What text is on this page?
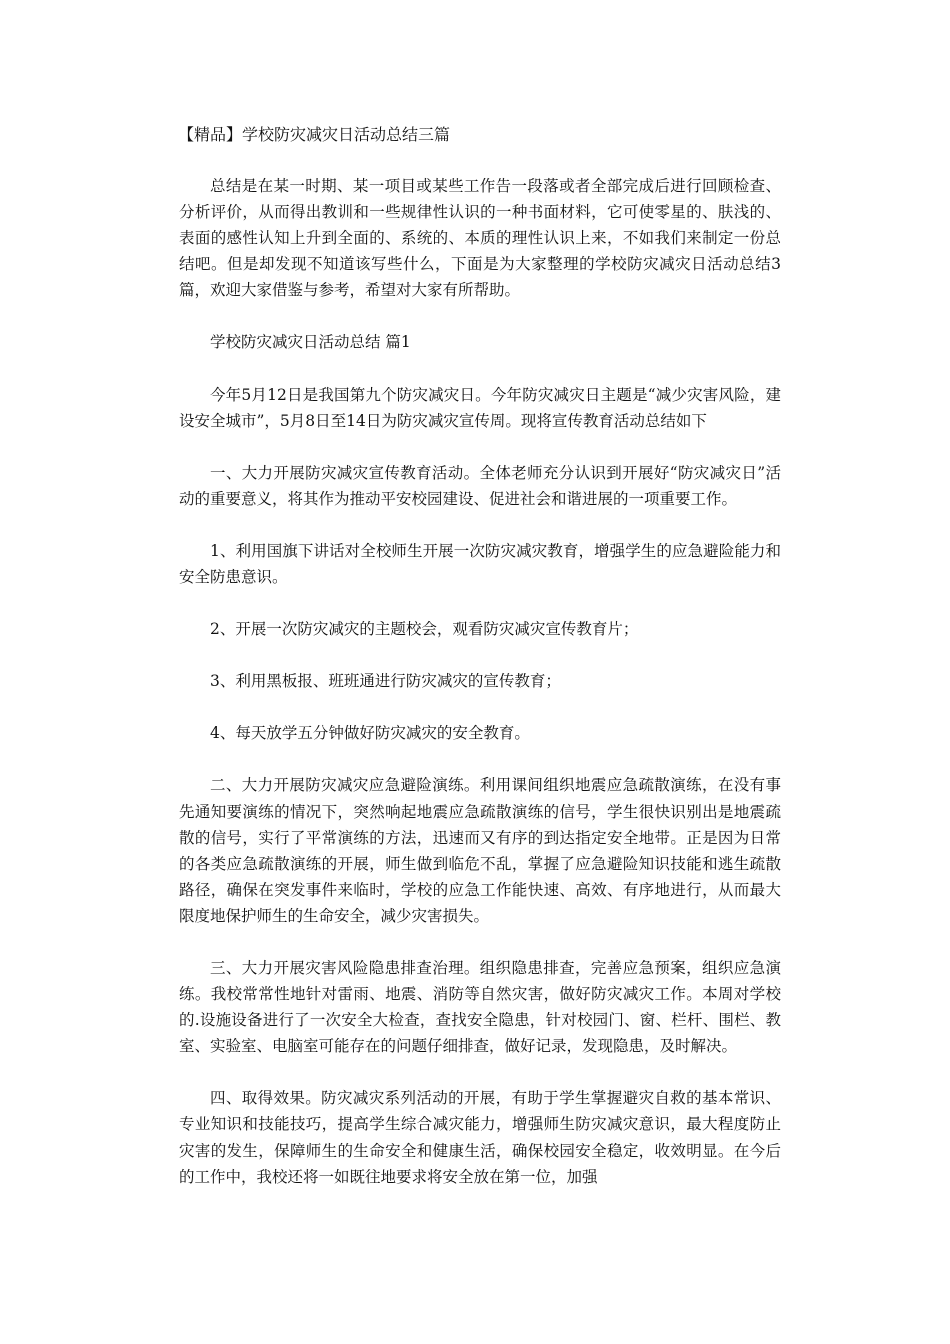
【精品】学校防灾减灾日活动总结三篇

总结是在某一时期、某一项目或某些工作告一段落或者全部完成后进行回顾检查、分析评价，从而得出教训和一些规律性认识的一种书面材料，它可使零星的、肤浅的、表面的感性认知上升到全面的、系统的、本质的理性认识上来，不如我们来制定一份总结吧。但是却发现不知道该写些什么，下面是为大家整理的学校防灾减灾日活动总结3篇，欢迎大家借鉴与参考，希望对大家有所帮助。

学校防灾减灾日活动总结 篇1

今年5月12日是我国第九个防灾减灾日。今年防灾减灾日主题是“减少灾害风险，建设安全城市”，5月8日至14日为防灾减灾宣传周。现将宣传教育活动总结如下

一、大力开展防灾减灾宣传教育活动。全体老师充分认识到开展好“防灾减灾日”活动的重要意义，将其作为推动平安校园建设、促进社会和谐进展的一项重要工作。

1、利用国旗下讲话对全校师生开展一次防灾减灾教育，增强学生的应急避险能力和安全防患意识。

2、开展一次防灾减灾的主题校会，观看防灾减灾宣传教育片；

3、利用黑板报、班班通进行防灾减灾的宣传教育；

4、每天放学五分钟做好防灾减灾的安全教育。

二、大力开展防灾减灾应急避险演练。利用课间组织地震应急疏散演练，在没有事先通知要演练的情况下，突然响起地震应急疏散演练的信号，学生很快识别出是地震疏散的信号，实行了平常演练的方法，迅速而又有序的到达指定安全地带。正是因为日常的各类应急疏散演练的开展，师生做到临危不乱，掌握了应急避险知识技能和逃生疏散路径，确保在突发事件来临时，学校的应急工作能快速、高效、有序地进行，从而最大限度地保护师生的生命安全，减少灾害损失。

三、大力开展灾害风险隐患排查治理。组织隐患排查，完善应急预案，组织应急演练。我校常常性地针对雷雨、地震、消防等自然灾害，做好防灾减灾工作。本周对学校的.设施设备进行了一次安全大检查，查找安全隐患，针对校园门、窗、栏杆、围栏、教室、实验室、电脑室可能存在的问题仔细排查，做好记录，发现隐患，及时解决。

四、取得效果。防灾减灾系列活动的开展，有助于学生掌握避灾自救的基本常识、专业知识和技能技巧，提高学生综合减灾能力，增强师生防灾减灾意识，最大程度防止灾害的发生，保障师生的生命安全和健康生活，确保校园安全稳定，收效明显。在今后的工作中，我校还将一如既往地要求将安全放在第一位，加强
